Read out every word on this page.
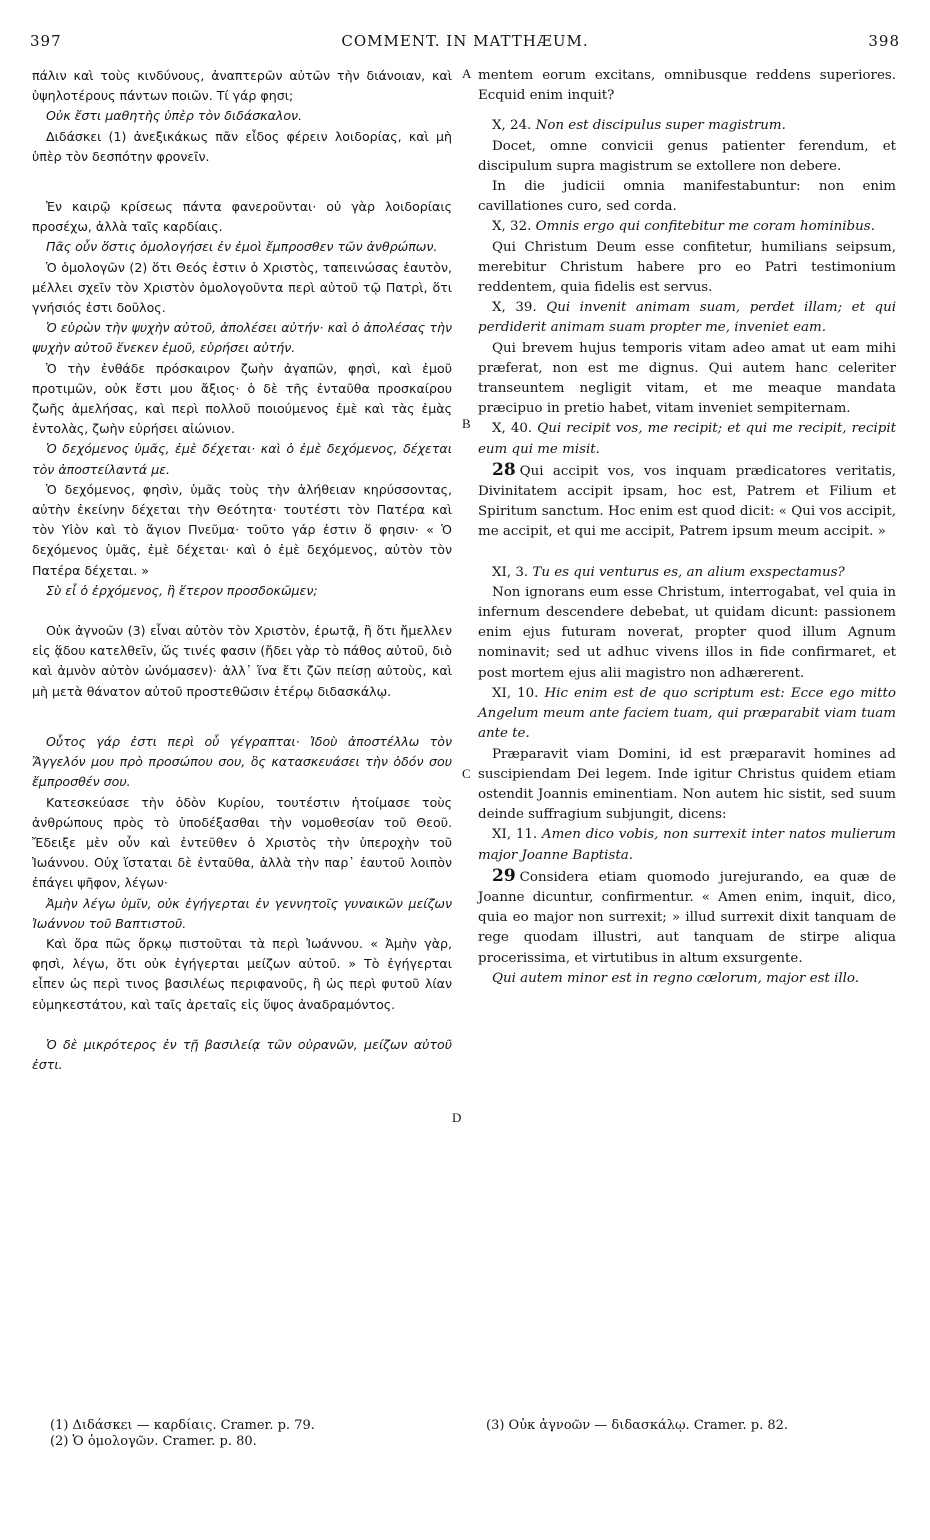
397	COMMENT. IN MATTHÆUM.	398
A
B
C
D

πάλιν καὶ τοὺς κινδύνους, ἀναπτερῶν αὐτῶν τὴν διάνοιαν, καὶ ὑψηλοτέρους πάντων ποιῶν. Τί γάρ φησι;

Οὐκ ἔστι μαθητὴς ὑπὲρ τὸν διδάσκαλον.

Διδάσκει (1) ἀνεξικάκως πᾶν εἶδος φέρειν λοιδορίας, καὶ μὴ ὑπὲρ τὸν δεσπότην φρονεῖν.

Ἐν καιρῷ κρίσεως πάντα φανεροῦνται· οὐ γὰρ λοιδορίαις προσέχω, ἀλλὰ ταῖς καρδίαις.

Πᾶς οὖν ὅστις ὁμολογήσει ἐν ἐμοὶ ἔμπροσθεν τῶν ἀνθρώπων.

Ὁ ὁμολογῶν (2) ὅτι Θεός ἐστιν ὁ Χριστὸς, ταπεινώσας ἑαυτὸν, μέλλει σχεῖν τὸν Χριστὸν ὁμολογοῦντα περὶ αὐτοῦ τῷ Πατρὶ, ὅτι γνήσιός ἐστι δοῦλος.

Ὁ εὑρὼν τὴν ψυχὴν αὐτοῦ, ἀπολέσει αὐτήν· καὶ ὁ ἀπολέσας τὴν ψυχὴν αὐτοῦ ἕνεκεν ἐμοῦ, εὑρήσει αὐτήν.

Ὁ τὴν ἐνθάδε πρόσκαιρον ζωὴν ἀγαπῶν, φησὶ, καὶ ἐμοῦ προτιμῶν, οὐκ ἔστι μου ἄξιος· ὁ δὲ τῆς ἐνταῦθα προσκαίρου ζωῆς ἀμελήσας, καὶ περὶ πολλοῦ ποιούμενος ἐμὲ καὶ τὰς ἐμὰς ἐντολὰς, ζωὴν εὑρήσει αἰώνιον.

Ὁ δεχόμενος ὑμᾶς, ἐμὲ δέχεται· καὶ ὁ ἐμὲ δεχόμενος, δέχεται τὸν ἀποστείλαντά με.

Ὁ δεχόμενος, φησὶν, ὑμᾶς τοὺς τὴν ἀλήθειαν κηρύσσοντας, αὐτὴν ἐκείνην δέχεται τὴν Θεότητα· τουτέστι τὸν Πατέρα καὶ τὸν Υἱὸν καὶ τὸ ἅγιον Πνεῦμα· τοῦτο γάρ ἐστιν ὅ φησιν· « Ὁ δεχόμενος ὑμᾶς, ἐμὲ δέχεται· καὶ ὁ ἐμὲ δεχόμενος, αὐτὸν τὸν Πατέρα δέχεται. »

Σὺ εἶ ὁ ἐρχόμενος, ἢ ἕτερον προσδοκῶμεν;

Οὐκ ἀγνοῶν (3) εἶναι αὐτὸν τὸν Χριστὸν, ἐρωτᾷ, ἢ ὅτι ἤμελλεν εἰς ᾅδου κατελθεῖν, ὥς τινές φασιν (ἤδει γὰρ τὸ πάθος αὐτοῦ, διὸ καὶ ἀμνὸν αὐτὸν ὠνόμασεν)· ἀλλ᾽ ἵνα ἔτι ζῶν πείσῃ αὐτοὺς, καὶ μὴ μετὰ θάνατον αὐτοῦ προστεθῶσιν ἑτέρῳ διδασκάλῳ.

Οὗτος γάρ ἐστι περὶ οὗ γέγραπται· Ἰδοὺ ἀποστέλλω τὸν Ἄγγελόν μου πρὸ προσώπου σου, ὃς κατασκευάσει τὴν ὁδόν σου ἔμπροσθέν σου.

Κατεσκεύασε τὴν ὁδὸν Κυρίου, τουτέστιν ἡτοίμασε τοὺς ἀνθρώπους πρὸς τὸ ὑποδέξασθαι τὴν νομοθεσίαν τοῦ Θεοῦ. Ἔδειξε μὲν οὖν καὶ ἐντεῦθεν ὁ Χριστὸς τὴν ὑπεροχὴν τοῦ Ἰωάννου. Οὐχ ἵσταται δὲ ἐνταῦθα, ἀλλὰ τὴν παρ᾽ ἑαυτοῦ λοιπὸν ἐπάγει ψῆφον, λέγων·

Ἀμὴν λέγω ὑμῖν, οὐκ ἐγήγερται ἐν γεννητοῖς γυναικῶν μείζων Ἰωάννου τοῦ Βαπτιστοῦ.

Καὶ ὅρα πῶς ὅρκῳ πιστοῦται τὰ περὶ Ἰωάννου. « Ἀμὴν γὰρ, φησὶ, λέγω, ὅτι οὐκ ἐγήγερται μείζων αὐτοῦ. » Τὸ ἐγήγερται εἶπεν ὡς περὶ τινος βασιλέως περιφανοῦς, ἢ ὡς περὶ φυτοῦ λίαν εὐμηκεστάτου, καὶ ταῖς ἀρεταῖς εἰς ὕψος ἀναδραμόντος.

Ὁ δὲ μικρότερος ἐν τῇ βασιλείᾳ τῶν οὐρανῶν, μείζων αὐτοῦ ἐστι.

mentem eorum excitans, omnibusque reddens superiores. Ecquid enim inquit?

X, 24. Non est discipulus super magistrum.

Docet, omne convicii genus patienter ferendum, et discipulum supra magistrum se extollere non debere.

In die judicii omnia manifestabuntur: non enim cavillationes curo, sed corda.

X, 32. Omnis ergo qui confitebitur me coram hominibus.

Qui Christum Deum esse confitetur, humilians seipsum, merebitur Christum habere pro eo Patri testimonium reddentem, quia fidelis est servus.

X, 39. Qui invenit animam suam, perdet illam; et qui perdiderit animam suam propter me, inveniet eam.

Qui brevem hujus temporis vitam adeo amat ut eam mihi præferat, non est me dignus. Qui autem hanc celeriter transeuntem negligit vitam, et me meaque mandata præcipuo in pretio habet, vitam inveniet sempiternam.

X, 40. Qui recipit vos, me recipit; et qui me recipit, recipit eum qui me misit.

28 Qui accipit vos, vos inquam prædicatores veritatis, Divinitatem accipit ipsam, hoc est, Patrem et Filium et Spiritum sanctum. Hoc enim est quod dicit: « Qui vos accipit, me accipit, et qui me accipit, Patrem ipsum meum accipit. »

XI, 3. Tu es qui venturus es, an alium exspectamus?

Non ignorans eum esse Christum, interrogabat, vel quia in infernum descendere debebat, ut quidam dicunt: passionem enim ejus futuram noverat, propter quod illum Agnum nominavit; sed ut adhuc vivens illos in fide confirmaret, et post mortem ejus alii magistro non adhærerent.

XI, 10. Hic enim est de quo scriptum est: Ecce ego mitto Angelum meum ante faciem tuam, qui præparabit viam tuam ante te.

Præparavit viam Domini, id est præparavit homines ad suscipiendam Dei legem. Inde igitur Christus quidem etiam ostendit Joannis eminentiam. Non autem hic sistit, sed suum deinde suffragium subjungit, dicens:

XI, 11. Amen dico vobis, non surrexit inter natos mulierum major Joanne Baptista.

29 Considera etiam quomodo jurejurando, ea quæ de Joanne dicuntur, confirmentur. « Amen enim, inquit, dico, quia eo major non surrexit; » illud surrexit dixit tanquam de rege quodam illustri, aut tanquam de stirpe aliqua procerissima, et virtutibus in altum exsurgente.

Qui autem minor est in regno cœlorum, major est illo.

(1) Διδάσκει — καρδίαις. Cramer. p. 79.
(2) Ὁ ὁμολογῶν. Cramer. p. 80.
(3) Οὐκ ἀγνοῶν — διδασκάλῳ. Cramer. p. 82.
